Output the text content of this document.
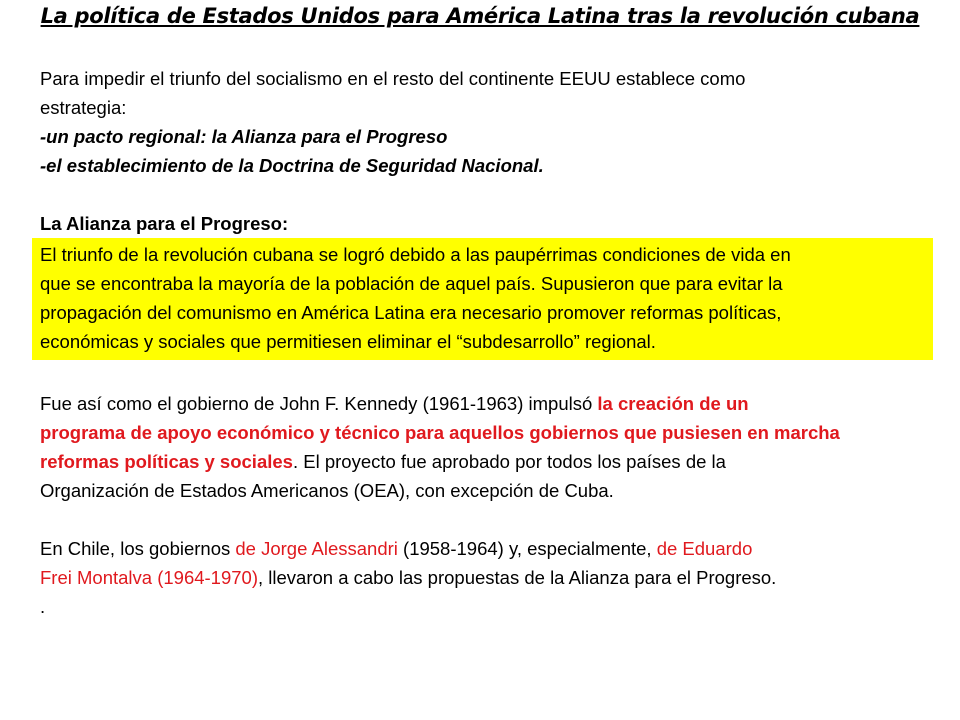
La política de Estados Unidos para América Latina tras la revolución cubana
Para impedir el triunfo del socialismo en el resto del continente EEUU establece como
estrategia:
-un pacto regional: la Alianza para el Progreso
-el establecimiento de la Doctrina de Seguridad Nacional.
La Alianza para el Progreso:
El triunfo de la revolución cubana se logró debido a las paupérrimas condiciones de vida en
que se encontraba la mayoría de la población de aquel país. Supusieron que para evitar la
propagación del comunismo en América Latina era necesario promover reformas políticas,
económicas y sociales que permitiesen eliminar el “subdesarrollo” regional.
Fue así como el gobierno de John F. Kennedy (1961-1963) impulsó la creación de un
programa de apoyo económico y técnico para aquellos gobiernos que pusiesen en marcha
reformas políticas y sociales. El proyecto fue aprobado por todos los países de la
Organización de Estados Americanos (OEA), con excepción de Cuba.
En Chile, los gobiernos de Jorge Alessandri (1958-1964) y, especialmente, de Eduardo
Frei Montalva (1964-1970), llevaron a cabo las propuestas de la Alianza para el Progreso.
.
